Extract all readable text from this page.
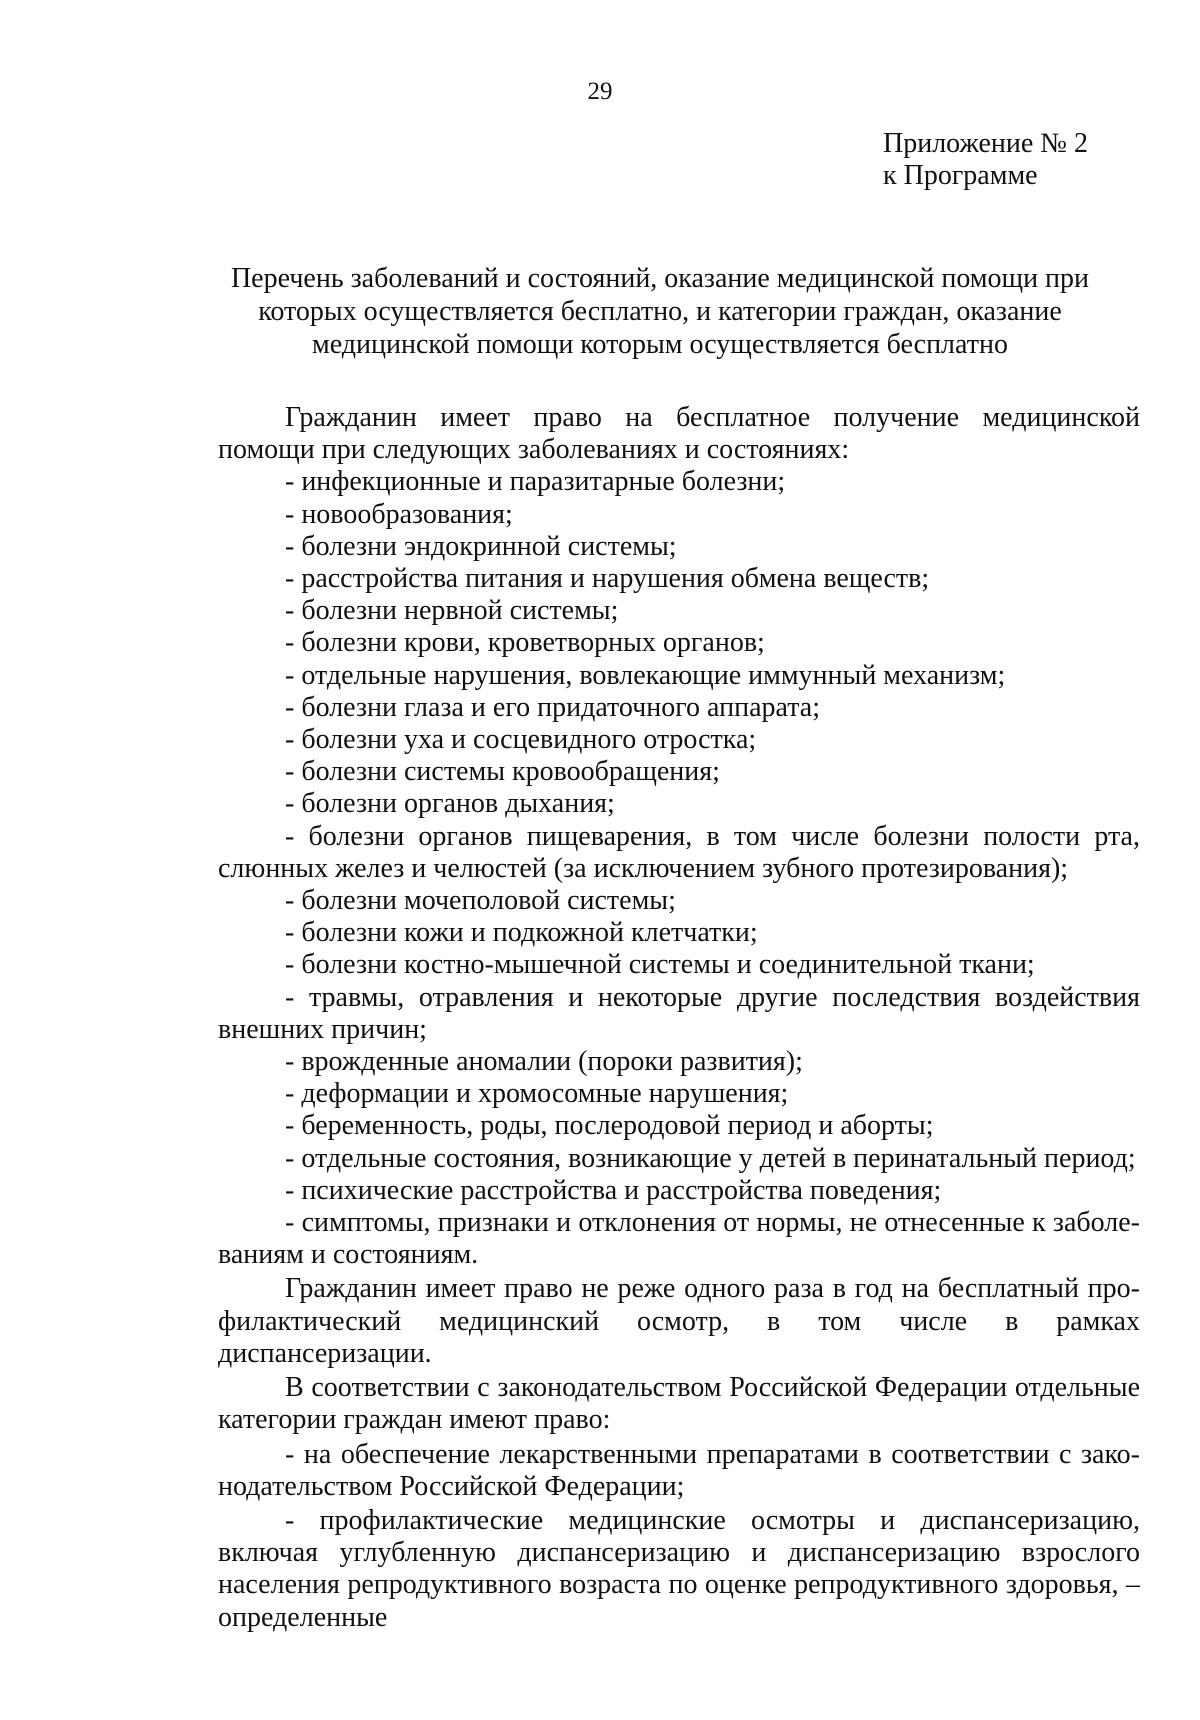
29
Приложение № 2
к Программе
Перечень заболеваний и состояний, оказание медицинской помощи при
которых осуществляется бесплатно, и категории граждан, оказание
медицинской помощи которым осуществляется бесплатно

Гражданин имеет право на бесплатное получение медицинской помощи при следующих заболеваниях и состояниях:

- инфекционные и паразитарные болезни;

- новообразования;

- болезни эндокринной системы;

- расстройства питания и нарушения обмена веществ;

- болезни нервной системы;

- болезни крови, кроветворных органов;

- отдельные нарушения, вовлекающие иммунный механизм;

- болезни глаза и его придаточного аппарата;

- болезни уха и сосцевидного отростка;

- болезни системы кровообращения;

- болезни органов дыхания;

- болезни органов пищеварения, в том числе болезни полости рта, слюнных желез и челюстей (за исключением зубного протезирования);

- болезни мочеполовой системы;

- болезни кожи и подкожной клетчатки;

- болезни костно-мышечной системы и соединительной ткани;

- травмы, отравления и некоторые другие последствия воздействия внешних причин;

- врожденные аномалии (пороки развития);

- деформации и хромосомные нарушения;

- беременность, роды, послеродовой период и аборты;

- отдельные состояния, возникающие у детей в перинатальный период;

- психические расстройства и расстройства поведения;

- симптомы, признаки и отклонения от нормы, не отнесенные к заболеваниям и состояниям.

Гражданин имеет право не реже одного раза в год на бесплатный профилактический медицинский осмотр, в том числе в рамках диспансеризации.

В соответствии с законодательством Российской Федерации отдельные категории граждан имеют право:

- на обеспечение лекарственными препаратами в соответствии с законодательством Российской Федерации;

- профилактические медицинские осмотры и диспансеризацию, включая углубленную диспансеризацию и диспансеризацию взрослого населения репродуктивного возраста по оценке репродуктивного здоровья, – определенные
